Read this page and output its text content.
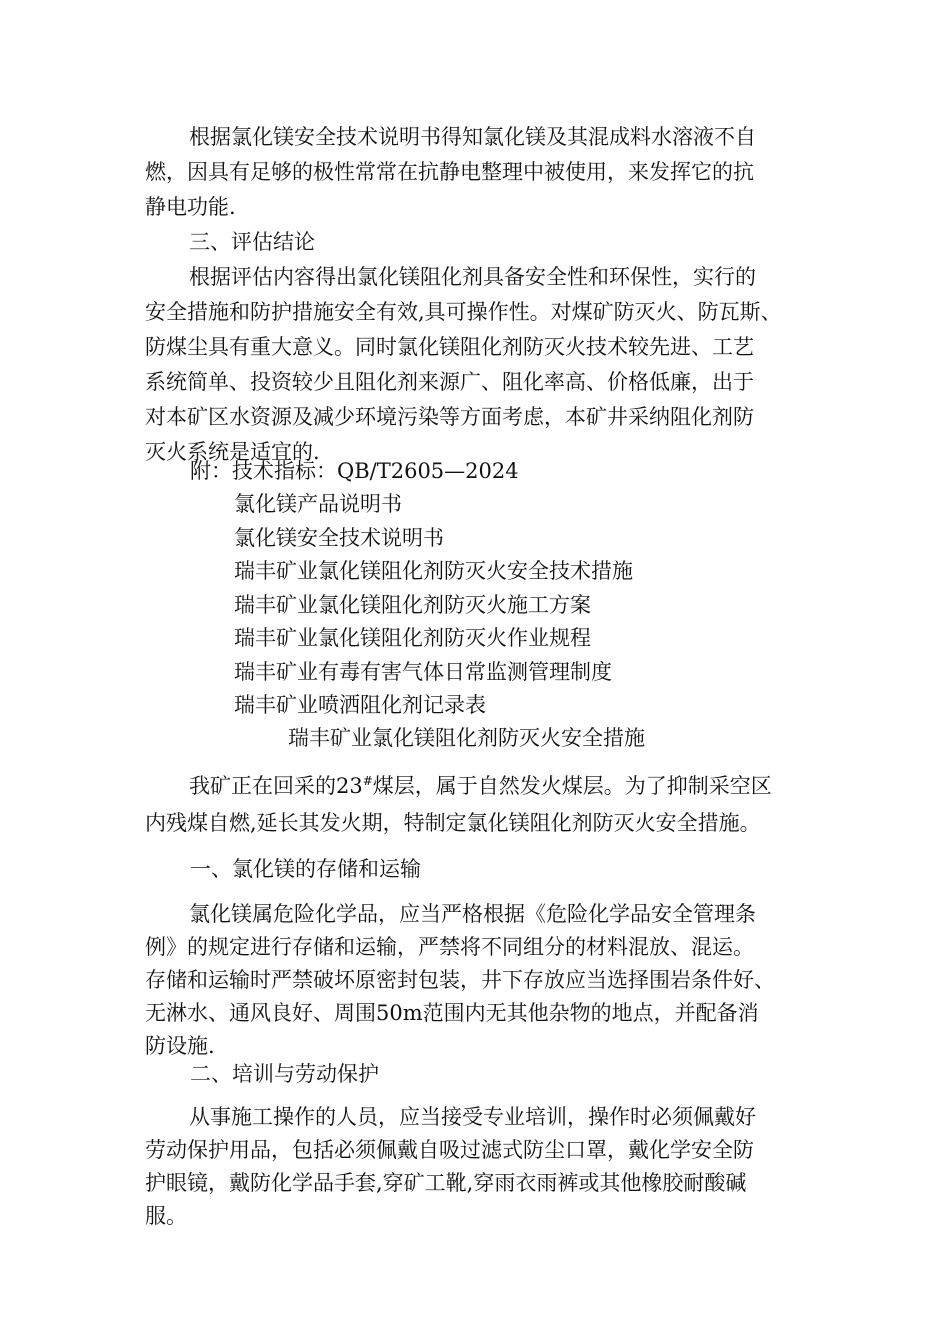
根据氯化镁安全技术说明书得知氯化镁及其混成料水溶液不自
燃，因具有足够的极性常常在抗静电整理中被使用，来发挥它的抗
静电功能.
三、评估结论
根据评估内容得出氯化镁阻化剂具备安全性和环保性，实行的
安全措施和防护措施安全有效,具可操作性。对煤矿防灭火、防瓦斯、
防煤尘具有重大意义。同时氯化镁阻化剂防灭火技术较先进、工艺
系统简单、投资较少且阻化剂来源广、阻化率高、价格低廉，出于
对本矿区水资源及减少环境污染等方面考虑，本矿井采纳阻化剂防
灭火系统是适宜的.
附：技术指标：QB/T2605—2024
氯化镁产品说明书
氯化镁安全技术说明书
瑞丰矿业氯化镁阻化剂防灭火安全技术措施
瑞丰矿业氯化镁阻化剂防灭火施工方案
瑞丰矿业氯化镁阻化剂防灭火作业规程
瑞丰矿业有毒有害气体日常监测管理制度
瑞丰矿业喷洒阻化剂记录表
瑞丰矿业氯化镁阻化剂防灭火安全措施
我矿正在回采的23#煤层，属于自然发火煤层。为了抑制采空区
内残煤自燃,延长其发火期，特制定氯化镁阻化剂防灭火安全措施。
一、氯化镁的存储和运输
氯化镁属危险化学品，应当严格根据《危险化学品安全管理条
例》的规定进行存储和运输，严禁将不同组分的材料混放、混运。
存储和运输时严禁破坏原密封包装，井下存放应当选择围岩条件好、
无淋水、通风良好、周围50m范围内无其他杂物的地点，并配备消
防设施.
二、培训与劳动保护
从事施工操作的人员，应当接受专业培训，操作时必须佩戴好
劳动保护用品，包括必须佩戴自吸过滤式防尘口罩，戴化学安全防
护眼镜，戴防化学品手套,穿矿工靴,穿雨衣雨裤或其他橡胶耐酸碱
服。
